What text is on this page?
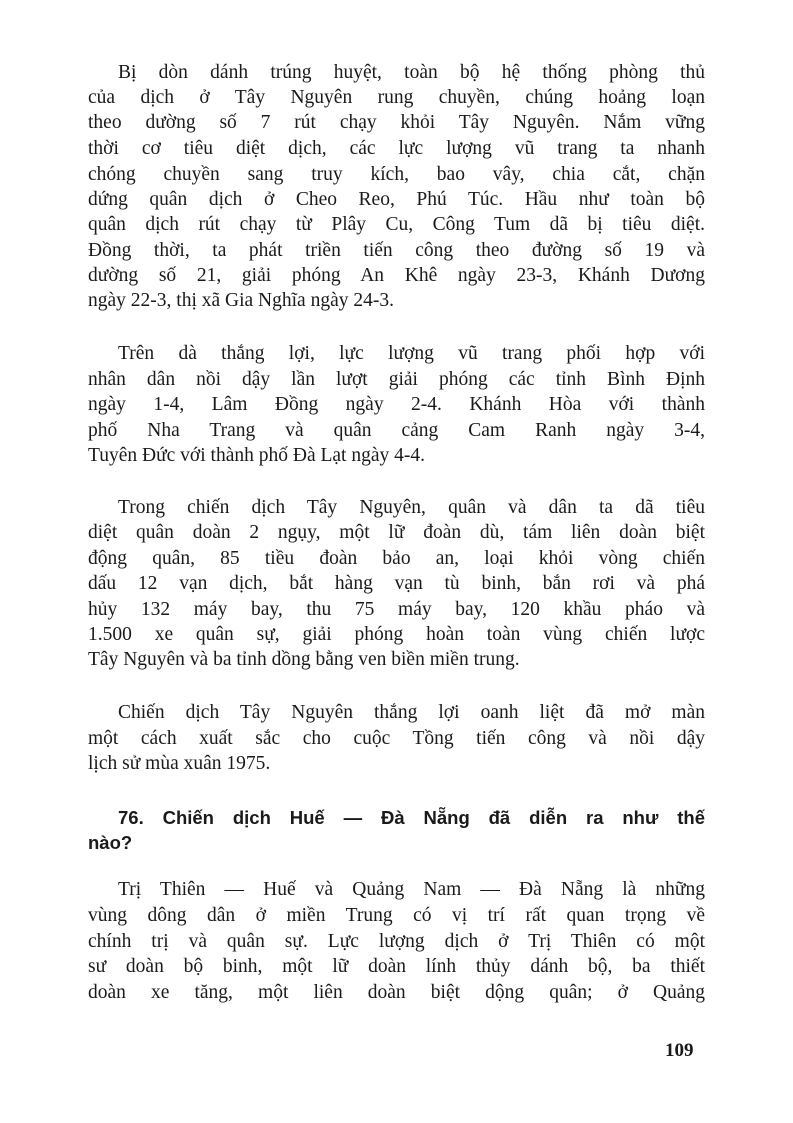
Bị dòn dánh trúng huyệt, toàn bộ hệ thống phòng thủ
của dịch ở Tây Nguyên rung chuyền, chúng hoảng loạn
theo dường số 7 rút chạy khỏi Tây Nguyên. Nắm vững
thời cơ tiêu diệt dịch, các lực lượng vũ trang ta nhanh
chóng chuyền sang truy kích, bao vây, chia cắt, chặn
dứng quân dịch ở Cheo Reo, Phú Túc. Hầu như toàn bộ
quân dịch rút chạy từ Plây Cu, Công Tum dã bị tiêu diệt.
Đồng thời, ta phát triền tiến công theo đường số 19 và
dường số 21, giải phóng An Khê ngày 23-3, Khánh Dương
ngày 22-3, thị xã Gia Nghĩa ngày 24-3.
Trên dà thắng lợi, lực lượng vũ trang phối hợp với
nhân dân nồi dậy lần lượt giải phóng các tỉnh Bình Định
ngày 1-4, Lâm Đồng ngày 2-4. Khánh Hòa với thành
phố Nha Trang và quân cảng Cam Ranh ngày 3-4,
Tuyên Đức với thành phố Đà Lạt ngày 4-4.
Trong chiến dịch Tây Nguyên, quân và dân ta dã tiêu
diệt quân doàn 2 ngụy, một lữ đoàn dù, tám liên doàn biệt
động quân, 85 tiều đoàn bảo an, loại khỏi vòng chiến
dấu 12 vạn dịch, bắt hàng vạn tù binh, bắn rơi và phá
hủy 132 máy bay, thu 75 máy bay, 120 khầu pháo và
1.500 xe quân sự, giải phóng hoàn toàn vùng chiến lược
Tây Nguyên và ba tỉnh dồng bằng ven biền miền trung.
Chiến dịch Tây Nguyên thắng lợi oanh liệt đã mở màn
một cách xuất sắc cho cuộc Tồng tiến công và nồi dậy
lịch sử mùa xuân 1975.
76. Chiến dịch Huế — Đà Nẵng đã diễn ra như thế
nào?
Trị Thiên — Huế và Quảng Nam — Đà Nẵng là những
vùng dông dân ở miền Trung có vị trí rất quan trọng về
chính trị và quân sự. Lực lượng dịch ở Trị Thiên có một
sư doàn bộ binh, một lữ doàn lính thủy dánh bộ, ba thiết
doàn xe tăng, một liên doàn biệt dộng quân; ở Quảng
109
